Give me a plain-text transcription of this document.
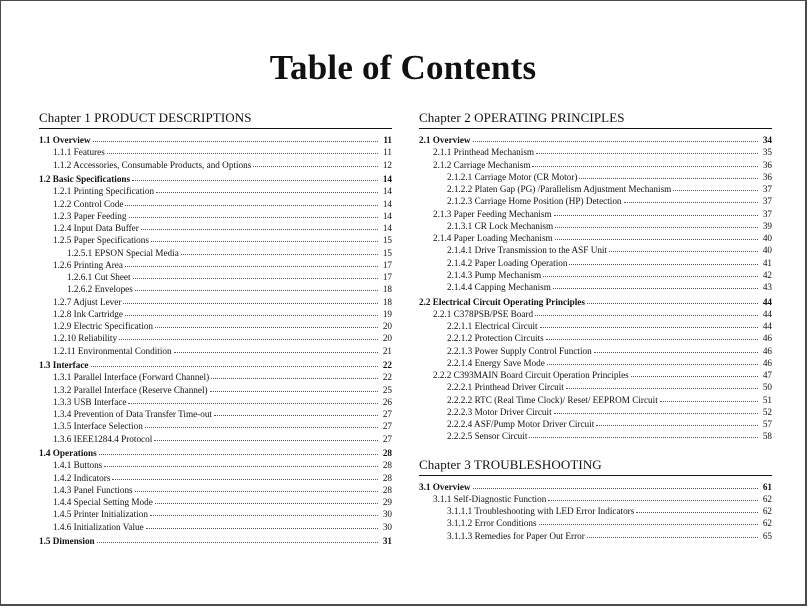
Table of Contents
Chapter 1 PRODUCT DESCRIPTIONS
1.1 Overview	11
1.1.1 Features	11
1.1.2 Accessories, Consumable Products, and Options	12
1.2 Basic Specifications	14
1.2.1 Printing Specification	14
1.2.2 Control Code	14
1.2.3 Paper Feeding	14
1.2.4 Input Data Buffer	14
1.2.5 Paper Specifications	15
1.2.5.1 EPSON Special Media	15
1.2.6 Printing Area	17
1.2.6.1 Cut Sheet	17
1.2.6.2 Envelopes	18
1.2.7 Adjust Lever	18
1.2.8 Ink Cartridge	19
1.2.9 Electric Specification	20
1.2.10 Reliability	20
1.2.11 Environmental Condition	21
1.3 Interface	22
1.3.1 Parallel Interface (Forward Channel)	22
1.3.2 Parallel Interface (Reserve Channel)	25
1.3.3 USB Interface	26
1.3.4 Prevention of Data Transfer Time-out	27
1.3.5 Interface Selection	27
1.3.6 IEEE1284.4 Protocol	27
1.4 Operations	28
1.4.1 Buttons	28
1.4.2 Indicators	28
1.4.3 Panel Functions	28
1.4.4 Special Setting Mode	29
1.4.5 Printer Initialization	30
1.4.6 Initialization Value	30
1.5 Dimension	31
Chapter 2 OPERATING PRINCIPLES
2.1 Overview	34
2.1.1 Printhead Mechanism	35
2.1.2 Carriage Mechanism	36
2.1.2.1 Carriage Motor (CR Motor)	36
2.1.2.2 Platen Gap (PG) /Parallelism Adjustment Mechanism	37
2.1.2.3 Carriage Home Position (HP) Detection	37
2.1.3 Paper Feeding Mechanism	37
2.1.3.1 CR Lock Mechanism	39
2.1.4 Paper Loading Mechanism	40
2.1.4.1 Drive Transmission to the ASF Unit	40
2.1.4.2 Paper Loading Operation	41
2.1.4.3 Pump Mechanism	42
2.1.4.4 Capping Mechanism	43
2.2 Electrical Circuit Operating Principles	44
2.2.1 C378PSB/PSE Board	44
2.2.1.1 Electrical Circuit	44
2.2.1.2 Protection Circuits	46
2.2.1.3 Power Supply Control Function	46
2.2.1.4 Energy Save Mode	46
2.2.2 C393MAIN Board Circuit Operation Principles	47
2.2.2.1 Printhead Driver Circuit	50
2.2.2.2 RTC (Real Time Clock)/ Reset/ EEPROM Circuit	51
2.2.2.3 Motor Driver Circuit	52
2.2.2.4 ASF/Pump Motor Driver Circuit	57
2.2.2.5 Sensor Circuit	58
Chapter 3 TROUBLESHOOTING
3.1 Overview	61
3.1.1 Self-Diagnostic Function	62
3.1.1.1 Troubleshooting with LED Error Indicators	62
3.1.1.2 Error Conditions	62
3.1.1.3 Remedies for Paper Out Error	65
